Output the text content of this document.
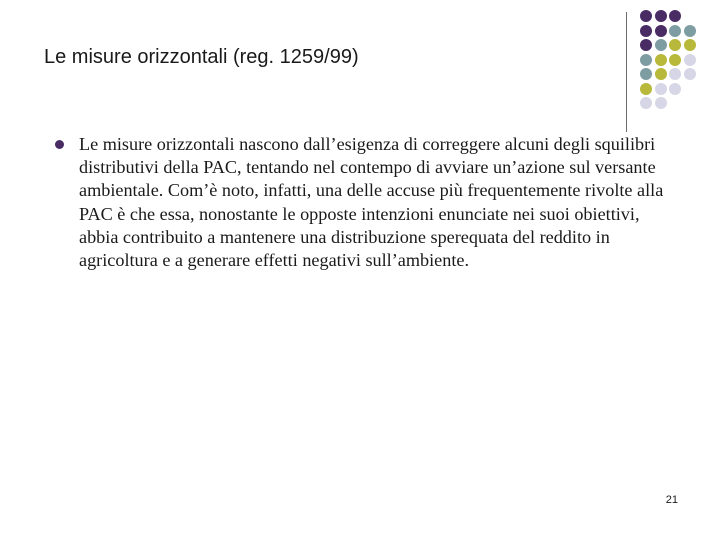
Le misure orizzontali (reg. 1259/99)
Le misure orizzontali nascono dall’esigenza di correggere alcuni degli squilibri distributivi della PAC, tentando nel contempo di avviare un’azione sul versante ambientale. Com’è noto, infatti, una delle accuse più frequentemente rivolte alla PAC è che essa, nonostante le opposte intenzioni enunciate nei suoi obiettivi, abbia contribuito a mantenere una distribuzione sperequata del reddito in agricoltura e a generare effetti negativi sull’ambiente.
21
